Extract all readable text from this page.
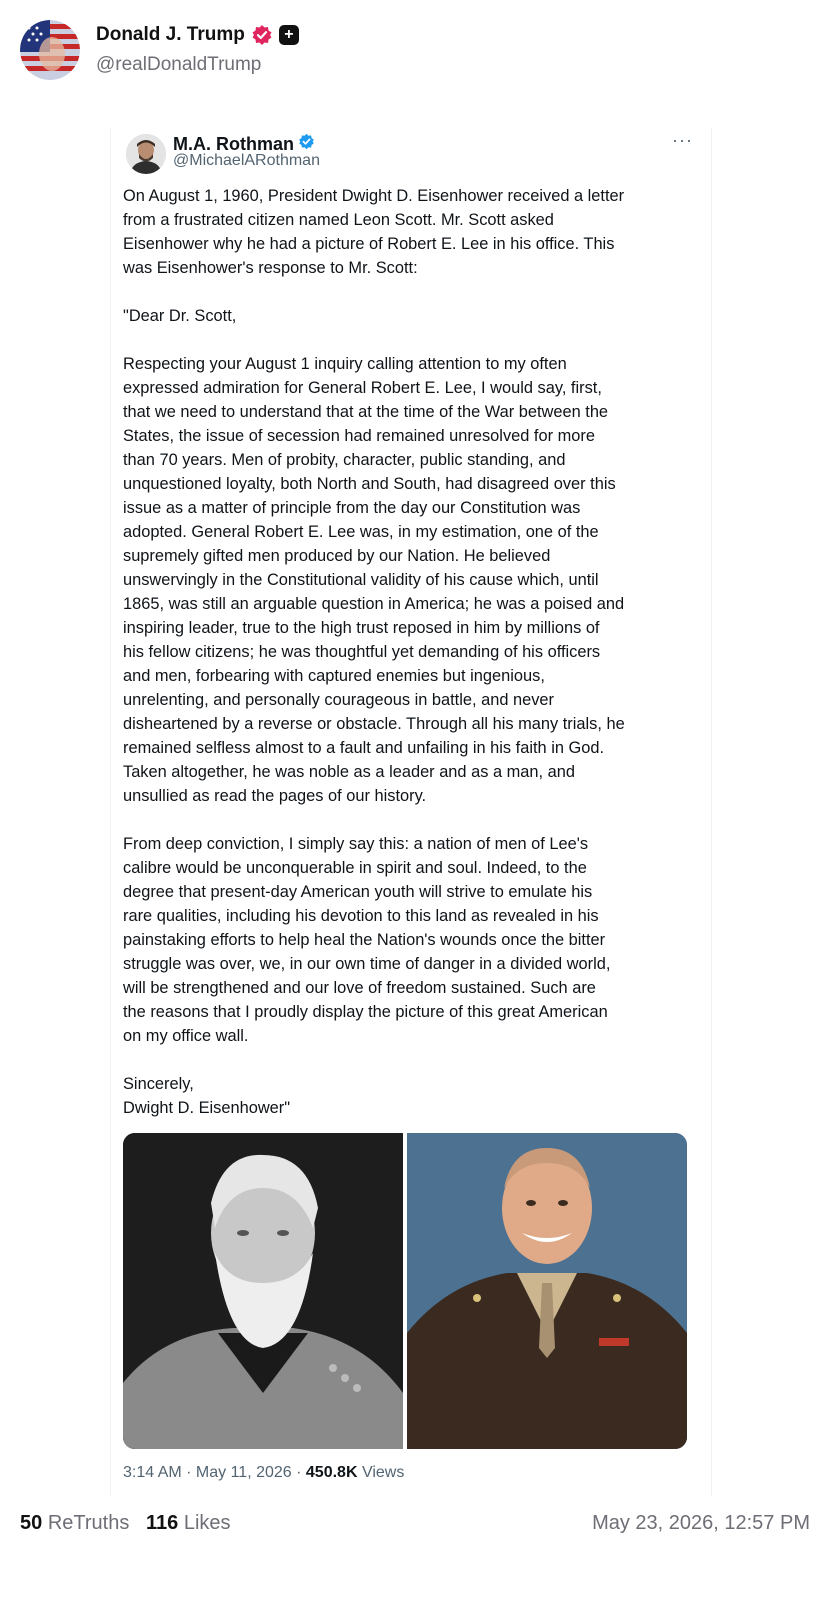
Donald J. Trump	+
@realDonaldTrump
M.A. Rothman
@MichaelARothman
···
On August 1, 1960, President Dwight D. Eisenhower received a letter
from a frustrated citizen named Leon Scott. Mr. Scott asked
Eisenhower why he had a picture of Robert E. Lee in his office. This
was Eisenhower's response to Mr. Scott:

"Dear Dr. Scott,

Respecting your August 1 inquiry calling attention to my often
expressed admiration for General Robert E. Lee, I would say, first,
that we need to understand that at the time of the War between the
States, the issue of secession had remained unresolved for more
than 70 years. Men of probity, character, public standing, and
unquestioned loyalty, both North and South, had disagreed over this
issue as a matter of principle from the day our Constitution was
adopted. General Robert E. Lee was, in my estimation, one of the
supremely gifted men produced by our Nation. He believed
unswervingly in the Constitutional validity of his cause which, until
1865, was still an arguable question in America; he was a poised and
inspiring leader, true to the high trust reposed in him by millions of
his fellow citizens; he was thoughtful yet demanding of his officers
and men, forbearing with captured enemies but ingenious,
unrelenting, and personally courageous in battle, and never
disheartened by a reverse or obstacle. Through all his many trials, he
remained selfless almost to a fault and unfailing in his faith in God.
Taken altogether, he was noble as a leader and as a man, and
unsullied as read the pages of our history.

From deep conviction, I simply say this: a nation of men of Lee's
calibre would be unconquerable in spirit and soul. Indeed, to the
degree that present-day American youth will strive to emulate his
rare qualities, including his devotion to this land as revealed in his
painstaking efforts to help heal the Nation's wounds once the bitter
struggle was over, we, in our own time of danger in a divided world,
will be strengthened and our love of freedom sustained. Such are
the reasons that I proudly display the picture of this great American
on my office wall.

Sincerely,
Dwight D. Eisenhower"
3:14 AM · May 11, 2026 · 450.8K Views
50 ReTruths 116 Likes	May 23, 2026, 12:57 PM
